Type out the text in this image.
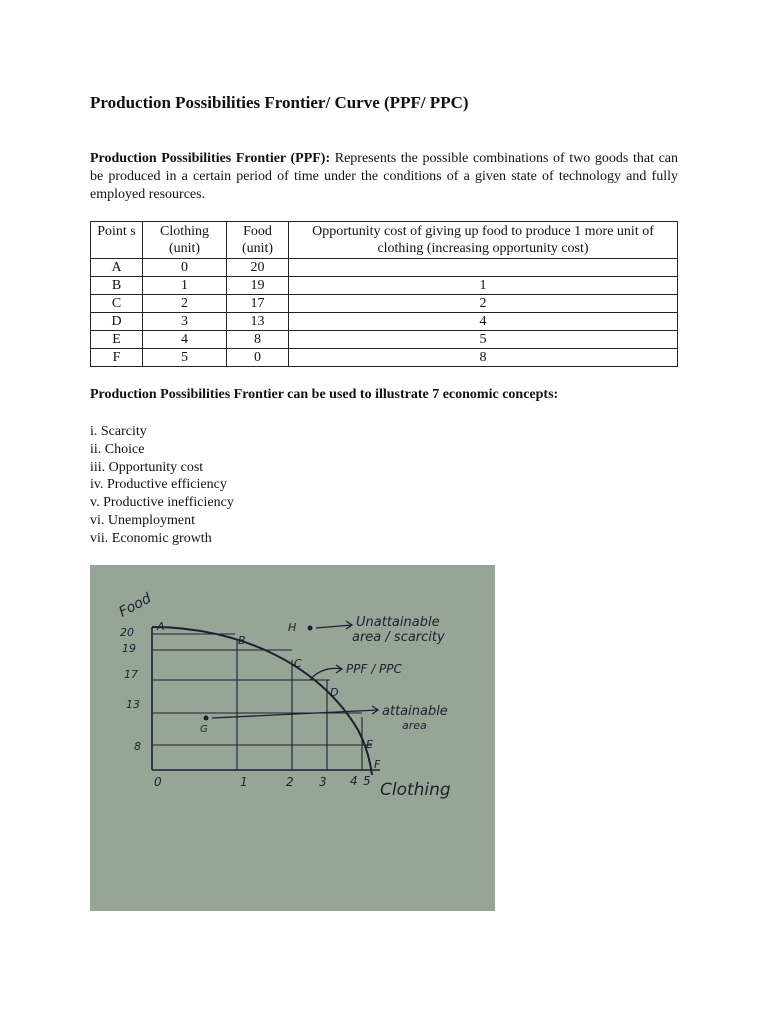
Production Possibilities Frontier/ Curve (PPF/ PPC)

Production Possibilities Frontier (PPF): Represents the possible combinations of two goods that can be produced in a certain period of time under the conditions of a given state of technology and fully employed resources.

Point s	Clothing (unit)	Food (unit)	Opportunity cost of giving up food to produce 1 more unit of clothing (increasing opportunity cost)
A	0	20	
B	1	19	1
C	2	17	2
D	3	13	4
E	4	8	5
F	5	0	8

Production Possibilities Frontier can be used to illustrate 7 economic concepts:

i. Scarcity
ii. Choice
iii. Opportunity cost
iv. Productive efficiency
v. Productive inefficiency
vi. Unemployment
vii. Economic growth
Food
Clothing
20
19
17
13
8
0	1	2 3 4 5
A
B
C
D
E
F
G
H	Unattainable
area / scarcity
PPF / PPC
attainable
area
